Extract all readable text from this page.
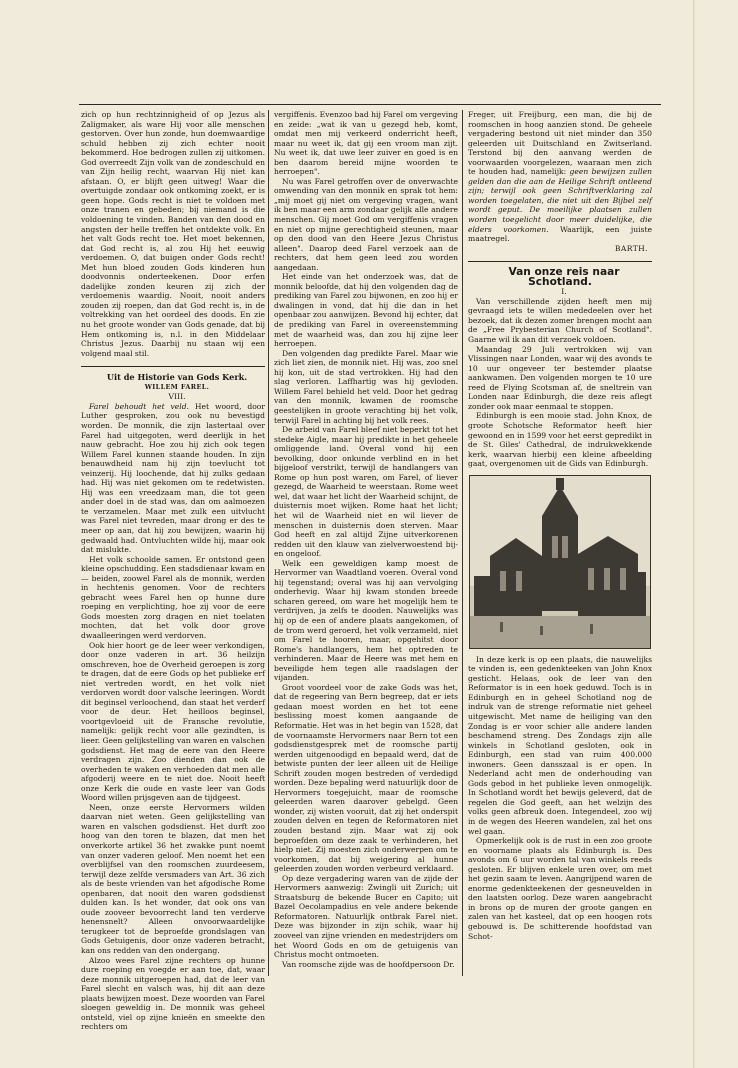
zich op hun rechtzinnigheid of op Jezus als Zaligmaker, als ware Hij voor alle menschen gestorven. Over hun zonde, hun doemwaardige schuld hebben zij zich echter nooit bekommerd. Hoe bedrogen zullen zij uitkomen. God overreedt Zijn volk van de zondeschuld en van Zijn heilig recht, waarvan Hij niet kan afstaan. O, er blijft geen uitweg! Waar die overtuigde zondaar ook ontkoming zoekt, er is geen hope. Gods recht is niet te voldoen met onze tranen en gebeden; bij niemand is die voldoening te vinden. Banden van den dood en angsten der helle treffen het ontdekte volk. En het valt Gods recht toe. Het moet bekennen, dat God recht is, al zou Hij het eeuwig verdoemen. O, dat buigen onder Gods recht! Met hun bloed zouden Gods kinderen hun doodvonnis onderteekenen. Door erfen dadelijke zonden keuren zij zich der verdoemenis waardig. Nooit, nooit anders zouden zij roepen, dan dat God recht is, in de voltrekking van het oordeel des doods. En zie nu het groote wonder van Gods genade, dat bij Hem ontkoming is, n.l. in den Middelaar Christus Jezus. Daarbij nu staan wij een volgend maal stil.

Uit de Historie van Gods Kerk.

WILLEM FAREL.

VIII.

Farel behoudt het veld. Het woord, door Luther gesproken, zou ook nu bevestigd worden. De monnik, die zijn lastertaal over Farel had uitgegoten, werd deerlijk in het nauw gebracht. Hoe zou hij zich ook tegen Willem Farel kunnen staande houden. In zijn benauwdheid nam hij zijn toevlucht tot veinzerij. Hij loochende, dat hij zulks gedaan had. Hij was niet gekomen om te redetwisten. Hij was een vreedzaam man, die tot geen ander doel in de stad was, dan om aalmoezen te verzamelen. Maar met zulk een uitvlucht was Farel niet tevreden, maar drong er des te meer op aan, dat hij zou bewijzen, waarin hij gedwaald had. Ontvluchten wilde hij, maar ook dat mislukte.

Het volk schoolde samen. Er ontstond geen kleine opschudding. Een stadsdienaar kwam en — beiden, zoowel Farel als de monnik, werden in hechtenis genomen. Voor de rechters gebracht wees Farel hen op hunne dure roeping en verplichting, hoe zij voor de eere Gods moesten zorg dragen en niet toelaten mochten, dat het volk door grove dwaalleeringen werd verdorven.

Ook hier hoort ge de leer weer verkondigen, door onze vaderen in art. 36 heilzijn omschreven, hoe de Overheid geroepen is zorg te dragen, dat de eere Gods op het publieke erf niet vertreden wordt, en het volk niet verdorven wordt door valsche leeringen. Wordt dit beginsel verloochend, dan staat het verderf voor de deur. Het heilloos beginsel, voortgevloeid uit de Fransche revolutie, namelijk: gelijk recht voor alle gezindten, is lieer. Geen gelijkstelling van waren en valschen godsdienst. Het mag de eere van den Heere verdragen zijn. Zoo dienden dan ook de overheden te waken en verhoeden dat men alle afgoderij weere en te niet doe. Nooit heeft onze Kerk die oude en vaste leer van Gods Woord willen prijsgeven aan de tijdgeest.

Neen, onze eerste Hervormers wilden daarvan niet weten. Geen gelijkstelling van waren en valschen godsdienst. Het durft zoo hoog van den toren te blazen, dat men het onverkorte artikel 36 het zwakke punt noemt van onzer vaderen geloof. Men noemt het een overblijfsel van den roomschen zuurdeesem, terwijl deze zelfde versmaders van Art. 36 zich als de beste vrienden van het afgodische Rome openbaren, dat nooit den waren godsdienst dulden kan. Is het wonder, dat ook ons van oude zooveer bevoorrecht land ten verderve henensnelt? Alleen onvoorwaardelijke terugkeer tot de beproefde grondslagen van Gods Getuigenis, door onze vaderen betracht, kan ons redden van den ondergang.

Alzoo wees Farel zijne rechters op hunne dure roeping en voegde er aan toe, dat, waar deze monnik uitgeroepen had, dat de leer van Farel slecht en valsch was, hij dit aan deze plaats bewijzen moest. Deze woorden van Farel sloegen geweldig in. De monnik was geheel ontsteld, viel op zijne knieën en smeekte den rechters om

vergiffenis. Evenzoo bad hij Farel om vergeving en zeide: „wat ik van u gezegd heb, komt, omdat men mij verkeerd onderricht heeft, maar nu weet ik, dat gij een vroom man zijt. Nu weet ik, dat uwe leer zuiver en goed is en ben daarom bereid mijne woorden te herroepen".

Nu was Farel getroffen over de onverwachte omwending van den monnik en sprak tot hem: „mij moet gij niet om vergeving vragen, want ik ben maar een arm zondaar gelijk alle andere menschen. Gij moet God om vergiffenis vragen en niet op mijne gerechtigheid steunen, maar op den dood van den Heere Jezus Christus alleen". Daarop deed Farel verzoek aan de rechters, dat hem geen leed zou worden aangedaan.

Het einde van het onderzoek was, dat de monnik beloofde, dat hij den volgenden dag de prediking van Farel zou bijwonen, en zoo hij er dwalingen in vond, dat hij die dan in het openbaar zou aanwijzen. Bevond hij echter, dat de prediking van Farel in overeenstemming met de waarheid was, dan zou hij zijne leer herroepen.

Den volgenden dag predikte Farel. Maar wie zich liet zien, de monnik niet. Hij was, zoo snel hij kon, uit de stad vertrokken. Hij had den slag verloren. Laffhartig was hij gevloden. Willem Farel behield het veld. Door het gedrag van den monnik, kwamen de roomsche geestelijken in groote verachting bij het volk, terwijl Farel in achting bij het volk rees.

De arbeid van Farel bleef niet beperkt tot het stedeke Aigle, maar hij predikte in het geheele omliggende land. Overal vond hij een bevolking, door onkunde verblind en in het bijgeloof verstrikt, terwijl de handlangers van Rome op hun post waren, om Farel, of liever gezegd, de Waarheid te weerstaan. Rome weet wel, dat waar het licht der Waarheid schijnt, de duisternis moet wijken. Rome haat het licht; het wil de Waarheid niet en wil liever de menschen in duisternis doen sterven. Maar God heeft en zal altijd Zijne uitverkorenen redden uit den klauw van zielverwoestend bij- en ongeloof.

Welk een geweldigen kamp moest de Hervormer van Waadtland voeren. Overal vond hij tegenstand; overal was hij aan vervolging onderhevig. Waar hij kwam stonden breede scharen gereed, om ware het mogelijk hem te verdrijven, ja zelfs te dooden. Nauwelijks was hij op de een of andere plaats aangekomen, of de trom werd geroerd, het volk verzameld, niet om Farel te hooren, maar, opgehitst door Rome's handlangers, hem het optreden te verhinderen. Maar de Heere was met hem en beveiligde hem tegen alle raadslagen der vijanden.

Groot voordeel voor de zake Gods was het, dat de regeering van Bern begreep, dat er iets gedaan moest worden en het tot eene beslissing moest komen aangaande de Reformatie. Het was in het begin van 1528, dat de voornaamste Hervormers naar Bern tot een godsdienstgesprek met de roomsche partij werden uitgenoodigd en bepaald werd, dat de betwiste punten der leer alleen uit de Heilige Schrift zouden mogen bestreden of verdedigd worden. Deze bepaling werd natuurlijk door de Hervormers toegejuicht, maar de roomsche geleerden waren daarover gebelgd. Geen wonder, zij wisten vooruit, dat zij het onderspit zouden delven en tegen de Reformatoren niet zouden bestand zijn. Maar wat zij ook beproefden om deze zaak te verhinderen, het hielp niet. Zij moesten zich onderwerpen om te voorkomen, dat bij weigering al hunne geleerden zouden worden verbeurd verklaard.

Op deze vergadering waren van de zijde der Hervormers aanwezig: Zwingli uit Zurich; uit Straatsburg de bekende Bucer en Capito; uit Bazel Oecolampadius en vele andere bekende Reformatoren. Natuurlijk ontbrak Farel niet. Deze was bijzonder in zijn schik, waar hij zooveel van zijne vrienden en medestrijders om het Woord Gods en om de getuigenis van Christus mocht ontmoeten.

Van roomsche zijde was de hoofdpersoon Dr.

Freger, uit Freijburg, een man, die bij de roomschen in hoog aanzien stond. De geheele vergadering bestond uit niet minder dan 350 geleerden uit Duitschland en Zwitserland. Terstond bij den aanvang werden de voorwaarden voorgelezen, waaraan men zich te houden had, namelijk: geen bewijzen zullen gelden dan die aan de Heilige Schrift ontleend zijn; terwijl ook geen Schriftverklaring zal worden toegelaten, die niet uit den Bijbel zelf wordt geput. De moeilijke plaatsen zullen worden toegelicht door meer duidelijke, die elders voorkomen. Waarlijk, een juiste maatregel.

BARTH.

Van onze reis naar Schotland.

I.

Van verschillende zijden heeft men mij gevraagd iets te willen mededeelen over het bezoek, dat ik dezen zomer brengen mocht aan de „Free Prybesterian Church of Scotland". Gaarne wil ik aan dit verzoek voldoen.

Maandag 29 Juli vertrokken wij van Vlissingen naar Londen, waar wij des avonds te 10 uur ongeveer ter bestemder plaatse aankwamen. Den volgenden morgen te 10 ure reed de Flying Scotsman af, de sneltrein van Londen naar Edinburgh, die deze reis aflegt zonder ook maar eenmaal te stoppen.

Edinburgh is een mooie stad. John Knox, de groote Schotsche Reformator heeft hier gewoond en in 1599 voor het eerst gepredikt in de St. Giles' Cathedral, de indrukwekkende kerk, waarvan hierbij een kleine afbeelding gaat, overgenomen uit de Gids van Edinburgh.

In deze kerk is op een plaats, die nauwelijks te vinden is, een gedenkteeken van John Knox gesticht. Helaas, ook de leer van den Reformator is in een hoek geduwd. Toch is in Edinburgh en in geheel Schotland nog de indruk van de strenge reformatie niet geheel uitgewischt. Met name de heiliging van den Zondag is er voor schier alle andere landen beschamend streng. Des Zondags zijn alle winkels in Schotland gesloten, ook in Edinburgh, een stad van ruim 400.000 inwoners. Geen dansszaal is er open. In Nederland acht men de onderhouding van Gods gebod in het publieke leven onmogelijk. In Schotland wordt het bewijs geleverd, dat de regelen die God geeft, aan het welzijn des volks geen afbreuk doen. Integendeel, zoo wij in de wegen des Heeren wandelen, zal het ons wel gaan.

Opmerkelijk ook is de rust in een zoo groote en voorname plaats als Edinburgh is. Des avonds om 6 uur worden tal van winkels reeds gesloten. Er blijven enkele uren over, om met het gezin saam te leven. Aangrijpend waren de enorme gedenkteekenen der gesneuvelden in den laatsten oorlog. Deze waren aangebracht in brons op de muren der groote gangen en zalen van het kasteel, dat op een hoogen rots gebouwd is. De schitterende hoofdstad van Schot-
